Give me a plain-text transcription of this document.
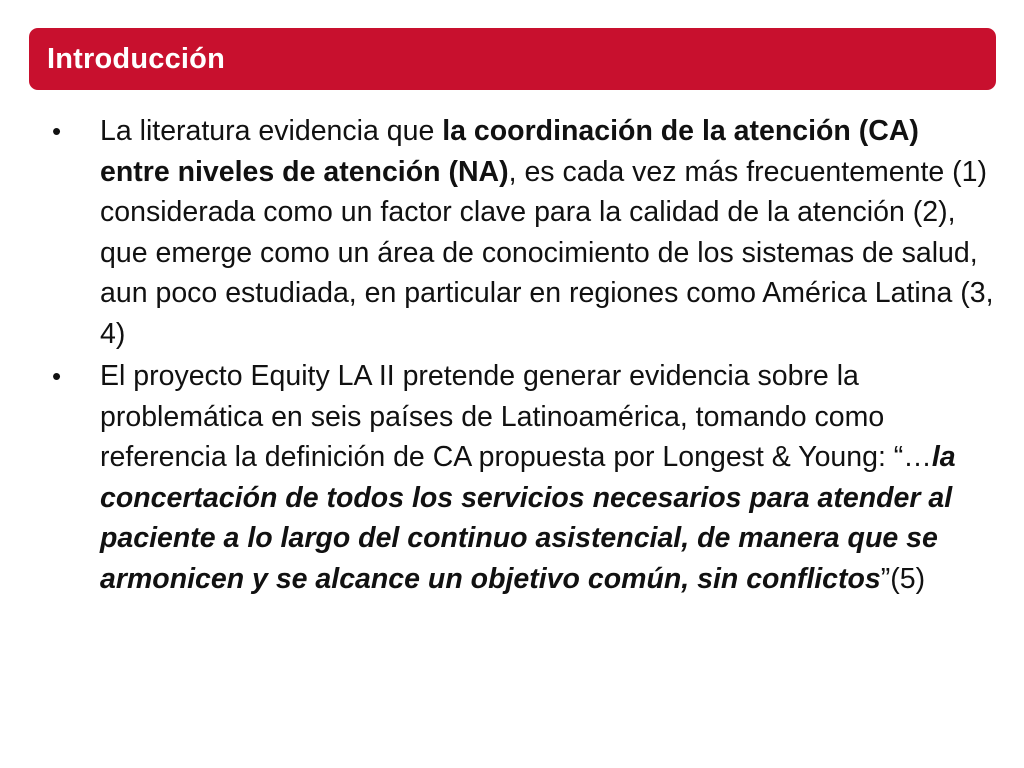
Introducción
• La literatura evidencia que la coordinación de la atención (CA) entre niveles de atención (NA), es cada vez más frecuentemente (1) considerada como un factor clave para la calidad de la atención (2), que emerge como un área de conocimiento de los sistemas de salud, aun poco estudiada, en particular en regiones como América Latina (3, 4)
• El proyecto Equity LA II pretende generar evidencia sobre la problemática en seis países de Latinoamérica, tomando como referencia la definición de CA propuesta por Longest & Young: “…la concertación de todos los servicios necesarios para atender al paciente a lo largo del continuo asistencial, de manera que se armonicen y se alcance un objetivo común, sin conflictos”(5)
